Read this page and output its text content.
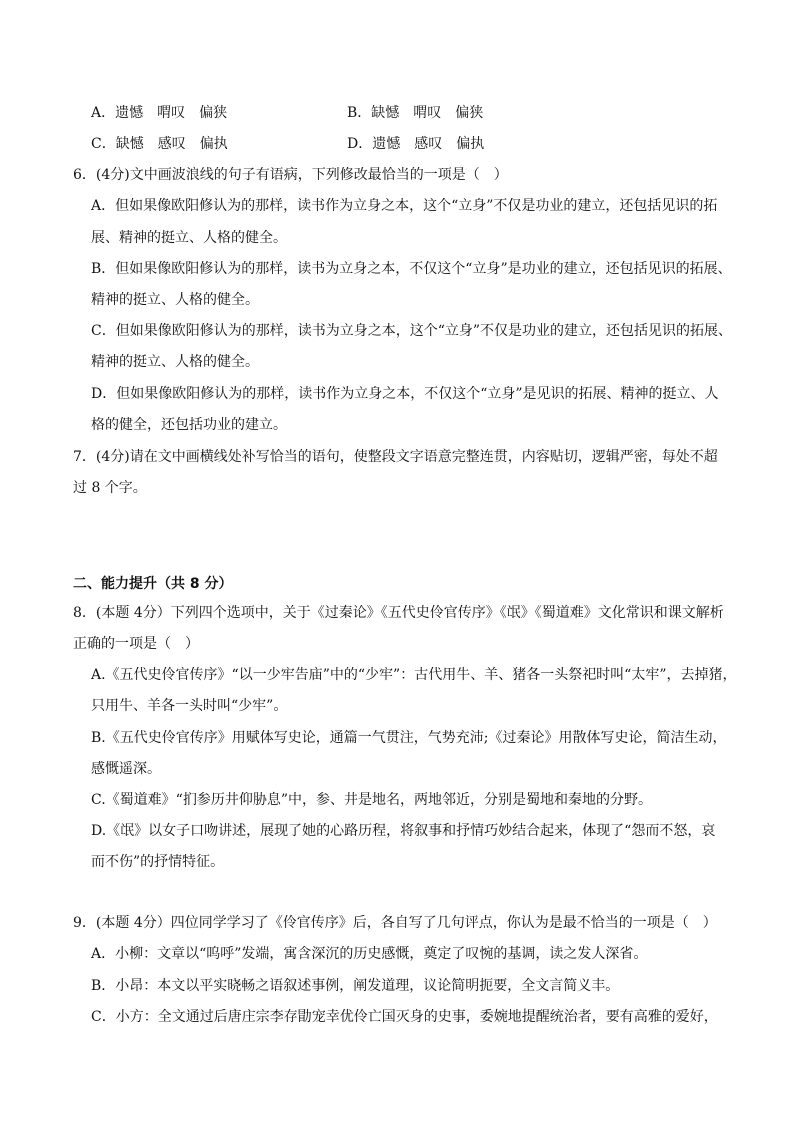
A．遗憾　喟叹　偏狭	B．缺憾　喟叹　偏狭
C．缺憾　感叹　偏执	D．遗憾　感叹　偏执
6．(4分)文中画波浪线的句子有语病，下列修改最恰当的一项是（　）
A．但如果像欧阳修认为的那样，读书作为立身之本，这个“立身”不仅是功业的建立，还包括见识的拓
展、精神的挺立、人格的健全。
B．但如果像欧阳修认为的那样，读书为立身之本，不仅这个“立身”是功业的建立，还包括见识的拓展、
精神的挺立、人格的健全。
C．但如果像欧阳修认为的那样，读书为立身之本，这个“立身”不仅是功业的建立，还包括见识的拓展、
精神的挺立、人格的健全。
D．但如果像欧阳修认为的那样，读书作为立身之本，不仅这个“立身”是见识的拓展、精神的挺立、人
格的健全，还包括功业的建立。
7．(4分)请在文中画横线处补写恰当的语句，使整段文字语意完整连贯，内容贴切，逻辑严密，每处不超
过 8 个字。
二、能力提升（共 8 分）
8．(本题 4分）下列四个选项中，关于《过秦论》《五代史伶官传序》《氓》《蜀道难》文化常识和课文解析
正确的一项是（　）
A.《五代史伶官传序》“以一少牢告庙”中的“少牢”：古代用牛、羊、猪各一头祭祀时叫“太牢”，去掉猪，
只用牛、羊各一头时叫“少牢”。
B.《五代史伶官传序》用赋体写史论，通篇一气贯注，气势充沛;《过秦论》用散体写史论，简洁生动，
感慨遥深。
C.《蜀道难》“扪参历井仰胁息”中，参、井是地名，两地邻近，分别是蜀地和秦地的分野。
D.《氓》以女子口吻讲述，展现了她的心路历程，将叙事和抒情巧妙结合起来，体现了“怨而不怒，哀
而不伤”的抒情特征。
9．(本题 4分）四位同学学习了《伶官传序》后，各自写了几句评点，你认为是最不恰当的一项是（　）
A．小柳：文章以“呜呼”发端，寓含深沉的历史感慨，奠定了叹惋的基调，读之发人深省。
B．小昂：本文以平实晓畅之语叙述事例，阐发道理，议论简明扼要，全文言简义丰。
C．小方：全文通过后唐庄宗李存勖宠幸优伶亡国灭身的史事，委婉地提醒统治者，要有高雅的爱好，
